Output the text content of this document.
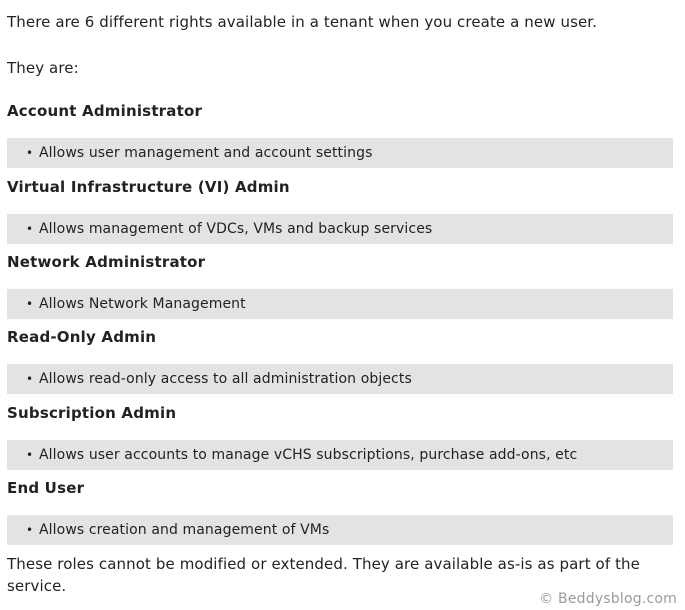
There are 6 different rights available in a tenant when you create a new user.

They are:

Account Administrator
• Allows user management and account settings
Virtual Infrastructure (VI) Admin
• Allows management of VDCs, VMs and backup services
Network Administrator
• Allows Network Management
Read-Only Admin
• Allows read-only access to all administration objects
Subscription Admin
• Allows user accounts to manage vCHS subscriptions, purchase add-ons, etc
End User
• Allows creation and management of VMs

These roles cannot be modified or extended. They are available as-is as part of the service.

© Beddysblog.com
